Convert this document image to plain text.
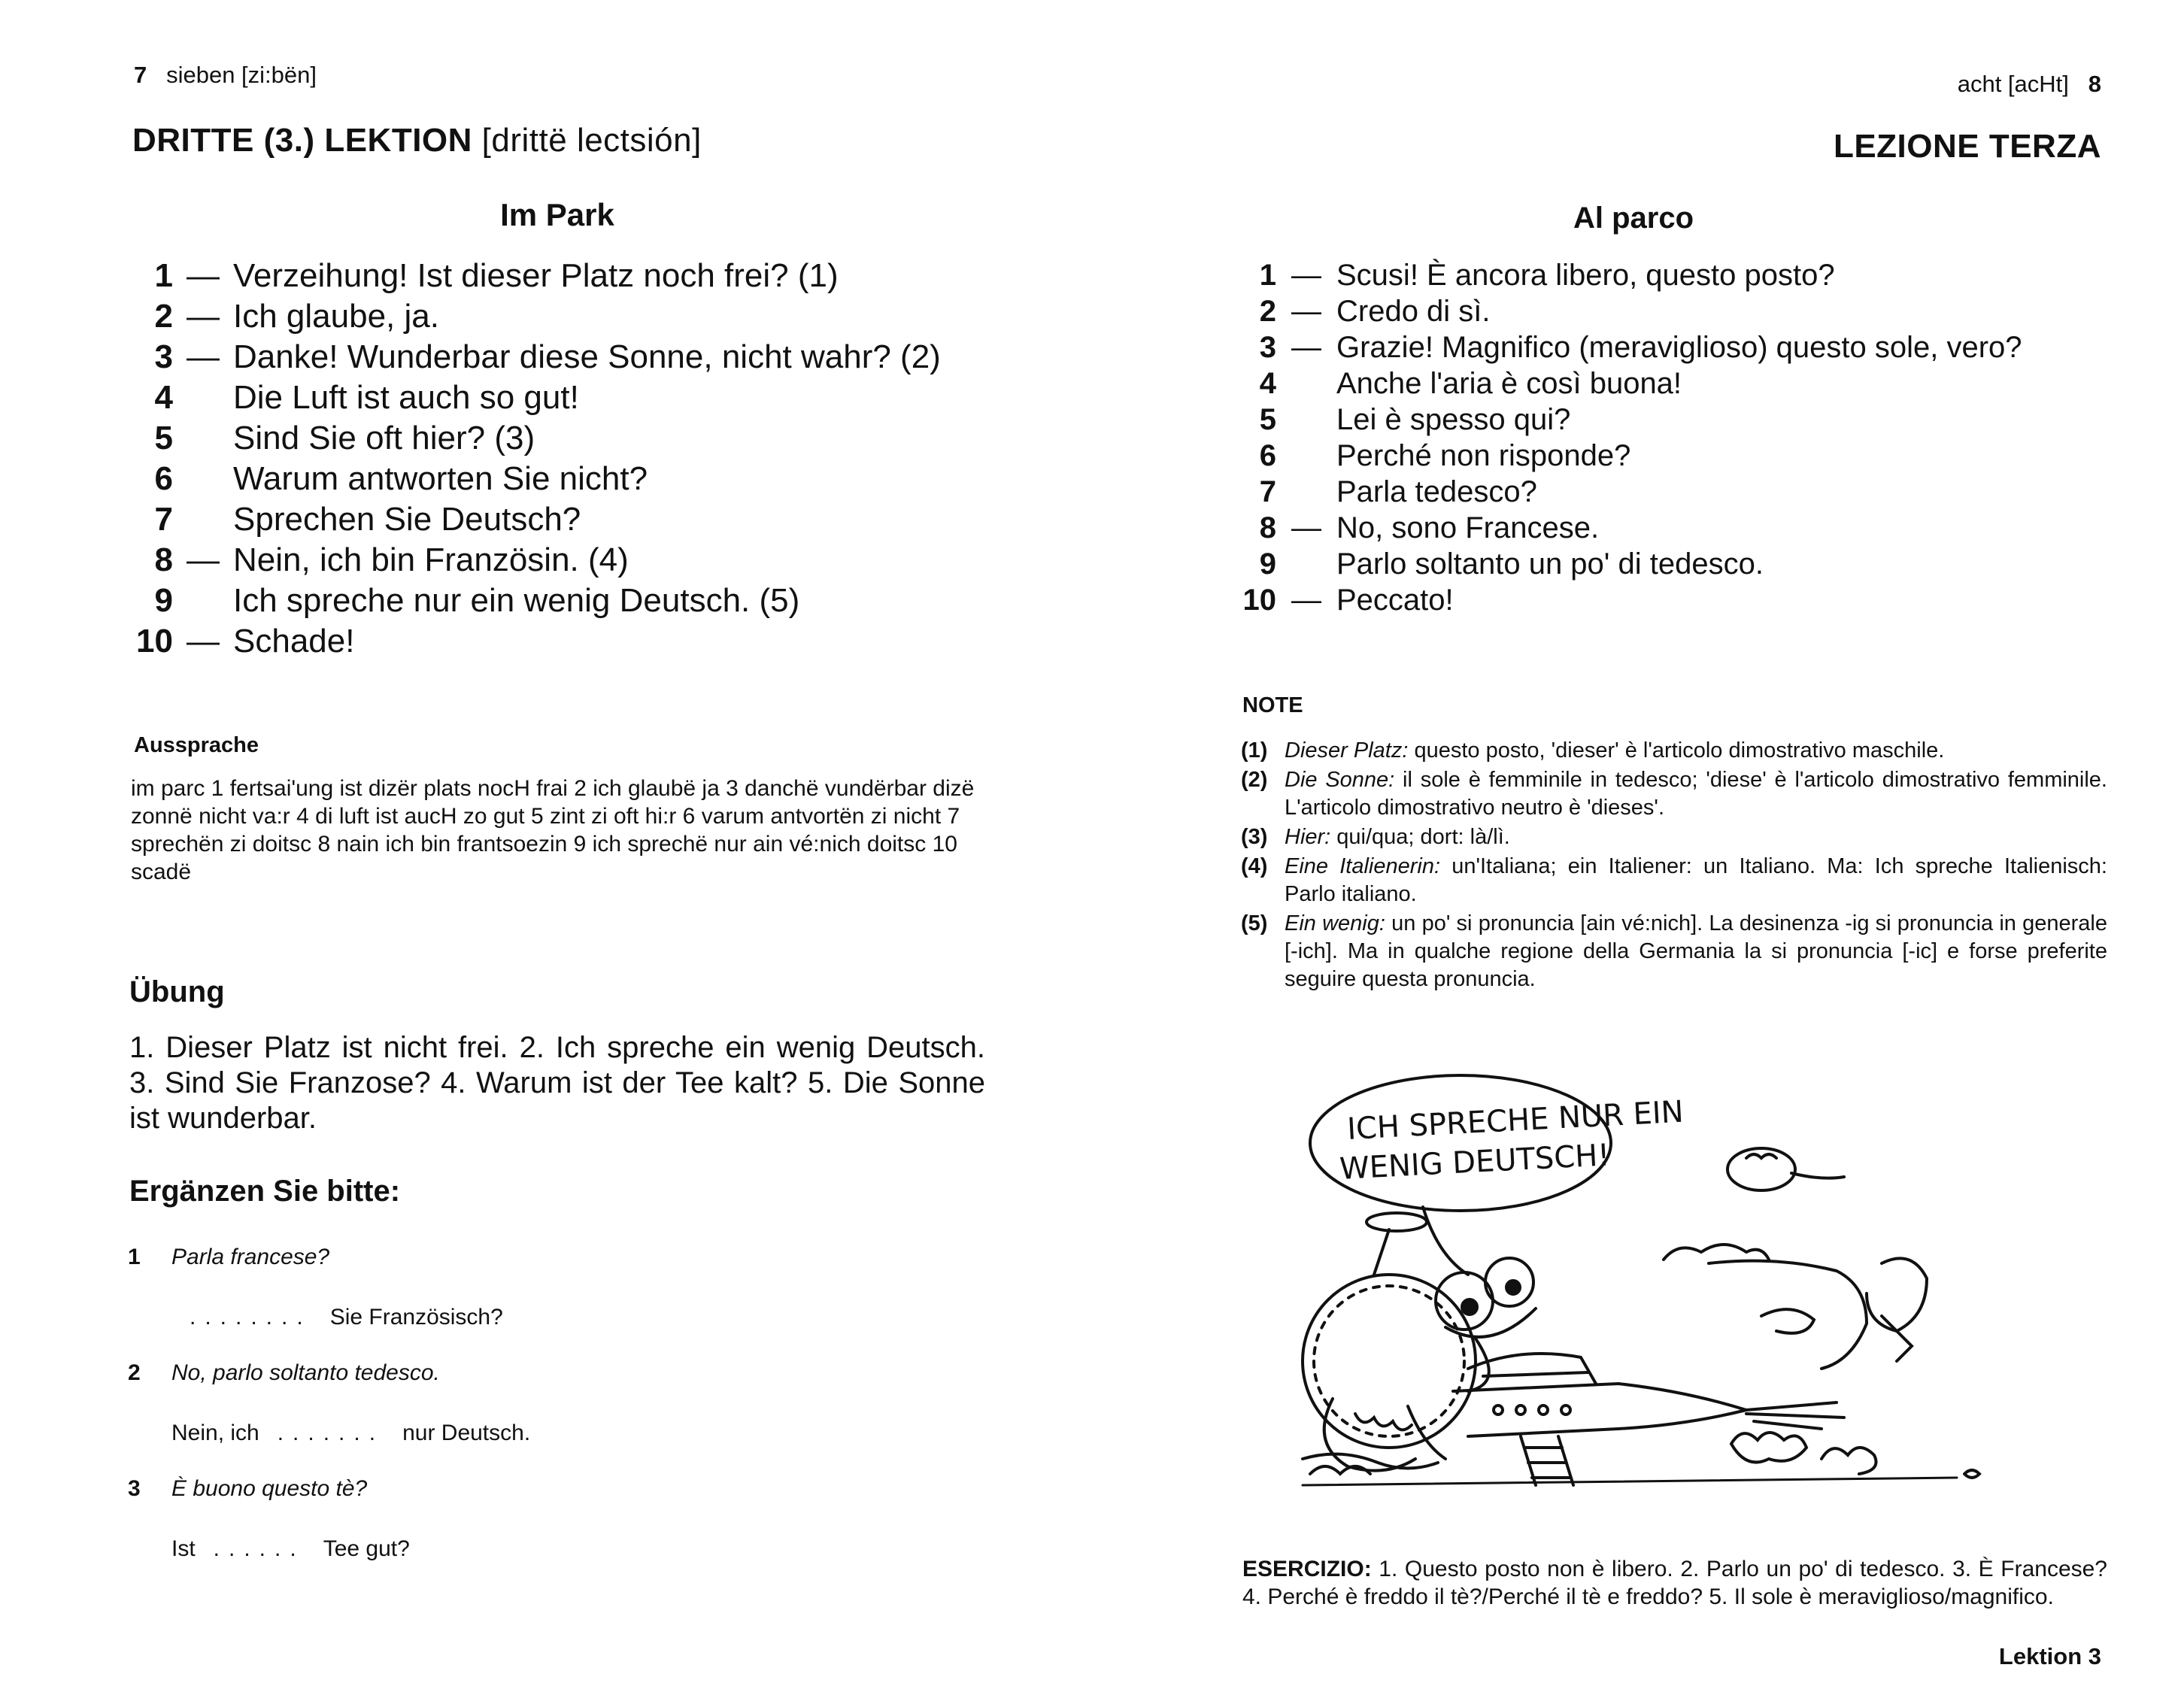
7 sieben [zi:bën]
DRITTE (3.) LEKTION [drittë lectsión]
Im Park
1 — Verzeihung! Ist dieser Platz noch frei? (1)
2 — Ich glaube, ja.
3 — Danke! Wunderbar diese Sonne, nicht wahr? (2)
4 Die Luft ist auch so gut!
5 Sind Sie oft hier? (3)
6 Warum antworten Sie nicht?
7 Sprechen Sie Deutsch?
8 — Nein, ich bin Französin. (4)
9 Ich spreche nur ein wenig Deutsch. (5)
10 — Schade!
Aussprache
im parc 1 fertsai'ung ist dizër plats nocH frai 2 ich glaubë ja 3 danchë vundërbar dizë zonnë nicht va:r 4 di luft ist aucH zo gut 5 zint zi oft hi:r 6 varum antvortën zi nicht 7 sprechën zi doitsc 8 nain ich bin frantsoezin 9 ich sprechë nur ain vé:nich doitsc 10 scadë
Übung
1. Dieser Platz ist nicht frei. 2. Ich spreche ein wenig Deutsch. 3. Sind Sie Franzose? 4. Warum ist der Tee kalt? 5. Die Sonne ist wunderbar.
Ergänzen Sie bitte:
1	Parla francese?
........ Sie Französisch?
2	No, parlo soltanto tedesco.
Nein, ich ....... nur Deutsch.
3	È buono questo tè?
Ist ...... Tee gut?
acht [acHt] 8
LEZIONE TERZA
Al parco
1 — Scusi! È ancora libero, questo posto?
2 — Credo di sì.
3 — Grazie! Magnifico (meraviglioso) questo sole, vero?
4 Anche l'aria è così buona!
5 Lei è spesso qui?
6 Perché non risponde?
7 Parla tedesco?
8 — No, sono Francese.
9 Parlo soltanto un po' di tedesco.
10 — Peccato!
NOTE
(1) Dieser Platz: questo posto, 'dieser' è l'articolo dimostrativo maschile.
(2) Die Sonne: il sole è femminile in tedesco; 'diese' è l'articolo dimostrativo femminile. L'articolo dimostrativo neutro è 'dieses'.
(3) Hier: qui/qua; dort: là/lì.
(4) Eine Italienerin: un'Italiana; ein Italiener: un Italiano. Ma: Ich spreche Italienisch: Parlo italiano.
(5) Ein wenig: un po' si pronuncia [ain vé:nich]. La desinenza -ig si pronuncia in generale [-ich]. Ma in qualche regione della Germania la si pronuncia [-ic] e forse preferite seguire questa pronuncia.
ICH SPRECHE NUR EIN
WENIG DEUTSCH!
ESERCIZIO: 1. Questo posto non è libero. 2. Parlo un po' di tedesco. 3. È Francese? 4. Perché è freddo il tè?/Perché il tè e freddo? 5. Il sole è meraviglioso/magnifico.
Lektion 3
